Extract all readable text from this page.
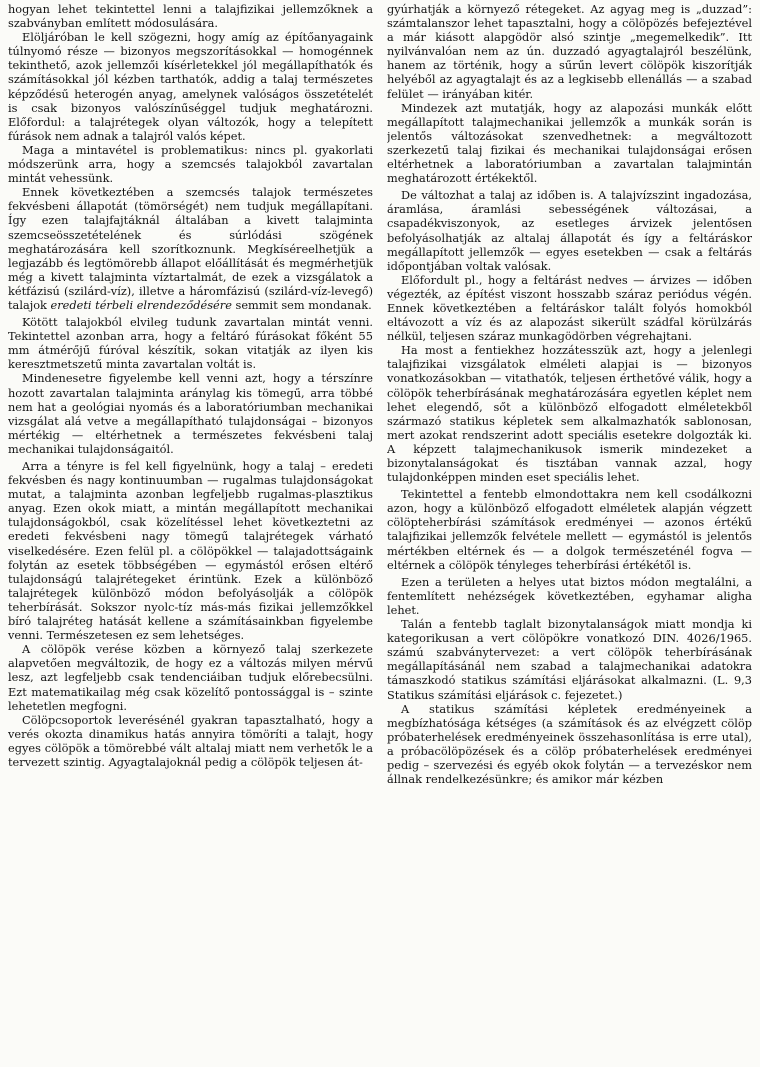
hogyan lehet tekintettel lenni a talajfizikai jellemzőknek a szabványban említett módosulására.

Elöljáróban le kell szögezni, hogy amíg az építőanyagaink túlnyomó része — bizonyos megszorításokkal — homogénnek tekinthető, azok jellemzői kísérletekkel jól megállapíthatók és számításokkal jól kézben tarthatók, addig a talaj természetes képződésű heterogén anyag, amelynek valóságos összetételét is csak bizonyos valószínűséggel tudjuk meghatározni. Előfordul: a talajrétegek olyan változók, hogy a telepített fúrások nem adnak a talajról valós képet.

Maga a mintavétel is problematikus: nincs pl. gyakorlati módszerünk arra, hogy a szemcsés talajokból zavartalan mintát vehessünk.

Ennek következtében a szemcsés talajok természetes fekvésbeni állapotát (tömörségét) nem tudjuk megállapítani. Így ezen talajfajtáknál általában a kivett talajminta szemcseösszetételének és súrlódási szögének meghatározására kell szorítkoznunk. Megkíséreelhetjük a legjazább és legtömörebb állapot előállítását és megmérhetjük még a kivett talajminta víztartalmát, de ezek a vizsgálatok a kétfázisú (szilárd-víz), illetve a háromfázisú (szilárd-víz-levegő) talajok eredeti térbeli elrendeződésére semmit sem mondanak.

Kötött talajokból elvileg tudunk zavartalan mintát venni. Tekintettel azonban arra, hogy a feltáró fúrásokat főként 55 mm átmérőjű fúróval készítik, sokan vitatják az ilyen kis keresztmetszetű minta zavartalan voltát is.

Mindenesetre figyelembe kell venni azt, hogy a térszínre hozott zavartalan talajminta aránylag kis tömegű, arra többé nem hat a geológiai nyomás és a laboratóriumban mechanikai vizsgálat alá vetve a megállapítható tulajdonságai – bizonyos mértékig — eltérhetnek a természetes fekvésbeni talaj mechanikai tulajdonságaitól.

Arra a tényre is fel kell figyelnünk, hogy a talaj – eredeti fekvésben és nagy kontinuumban — rugalmas tulajdonságokat mutat, a talajminta azonban legfeljebb rugalmas-plasztikus anyag. Ezen okok miatt, a mintán megállapított mechanikai tulajdonságokból, csak közelítéssel lehet következtetni az eredeti fekvésbeni nagy tömegű talajrétegek várható viselkedésére. Ezen felül pl. a cölöpökkel — talajadottságaink folytán az esetek többségében — egymástól erősen eltérő tulajdonságú talajrétegeket érintünk. Ezek a különböző talajrétegek különböző módon befolyásolják a cölöpök teherbírását. Sokszor nyolc-tíz más-más fizikai jellemzőkkel bíró talajréteg hatását kellene a számításainkban figyelembe venni. Természetesen ez sem lehetséges.

A cölöpök verése közben a környező talaj szerkezete alapvetően megváltozik, de hogy ez a változás milyen mérvű lesz, azt legfeljebb csak tendenciáiban tudjuk előrebecsülni. Ezt matematikailag még csak közelítő pontossággal is – szinte lehetetlen megfogni.

Cölöpcsoportok leverésénél gyakran tapasztalható, hogy a verés okozta dinamikus hatás annyira tömöríti a talajt, hogy egyes cölöpök a tömörebbé vált altalaj miatt nem verhetők le a tervezett szintig. Agyagtalajoknál pedig a cölöpök teljesen át-

gyúrhatják a környező rétegeket. Az agyag meg is „duzzad”: számtalanszor lehet tapasztalni, hogy a cölöpözés befejeztével a már kiásott alapgödör alsó szintje „megemelkedik”. Itt nyilvánvalóan nem az ún. duzzadó agyagtalajról beszélünk, hanem az történik, hogy a sűrűn levert cölöpök kiszorítják helyéből az agyagtalajt és az a legkisebb ellenállás — a szabad felület — irányában kitér.

Mindezek azt mutatják, hogy az alapozási munkák előtt megállapított talajmechanikai jellemzők a munkák során is jelentős változásokat szenvedhetnek: a megváltozott szerkezetű talaj fizikai és mechanikai tulajdonságai erősen eltérhetnek a laboratóriumban a zavartalan talajmintán meghatározott értékektől.

De változhat a talaj az időben is. A talajvízszint ingadozása, áramlása, áramlási sebességének változásai, a csapadékviszonyok, az esetleges árvizek jelentősen befolyásolhatják az altalaj állapotát és így a feltáráskor megállapított jellemzők — egyes esetekben — csak a feltárás időpontjában voltak valósak.

Előfordult pl., hogy a feltárást nedves — árvizes — időben végezték, az építést viszont hosszabb száraz periódus végén. Ennek következtében a feltáráskor talált folyós homokból eltávozott a víz és az alapozást sikerült szádfal körülzárás nélkül, teljesen száraz munkagödörben végrehajtani.

Ha most a fentiekhez hozzátesszük azt, hogy a jelenlegi talajfizikai vizsgálatok elméleti alapjai is — bizonyos vonatkozásokban — vitathatók, teljesen érthetővé válik, hogy a cölöpök teherbírásának meghatározására egyetlen képlet nem lehet elegendő, sőt a különböző elfogadott elméletekből származó statikus képletek sem alkalmazhatók sablonosan, mert azokat rendszerint adott speciális esetekre dolgozták ki. A képzett talajmechanikusok ismerik mindezeket a bizonytalanságokat és tisztában vannak azzal, hogy tulajdonképpen minden eset speciális lehet.

Tekintettel a fentebb elmondottakra nem kell csodálkozni azon, hogy a különböző elfogadott elméletek alapján végzett cölöpteherbírási számítások eredményei — azonos értékű talajfizikai jellemzők felvétele mellett — egymástól is jelentős mértékben eltérnek és — a dolgok természeténél fogva — eltérnek a cölöpök tényleges teherbírási értékétől is.

Ezen a területen a helyes utat biztos módon megtalálni, a fentemlített nehézségek következtében, egyhamar aligha lehet.

Talán a fentebb taglalt bizonytalanságok miatt mondja ki kategorikusan a vert cölöpökre vonatkozó DIN. 4026/1965. számú szabványtervezet: a vert cölöpök teherbírásának megállapításánál nem szabad a talajmechanikai adatokra támaszkodó statikus számítási eljárásokat alkalmazni. (L. 9,3 Statikus számítási eljárások c. fejezetet.)

A statikus számítási képletek eredményeinek a megbízhatósága kétséges (a számítások és az elvégzett cölöp próbaterhelések eredményeinek összehasonlítása is erre utal), a próbacölöpözések és a cölöp próbaterhelések eredményei pedig – szervezési és egyéb okok folytán — a tervezéskor nem állnak rendelkezésünkre; és amikor már kézben
